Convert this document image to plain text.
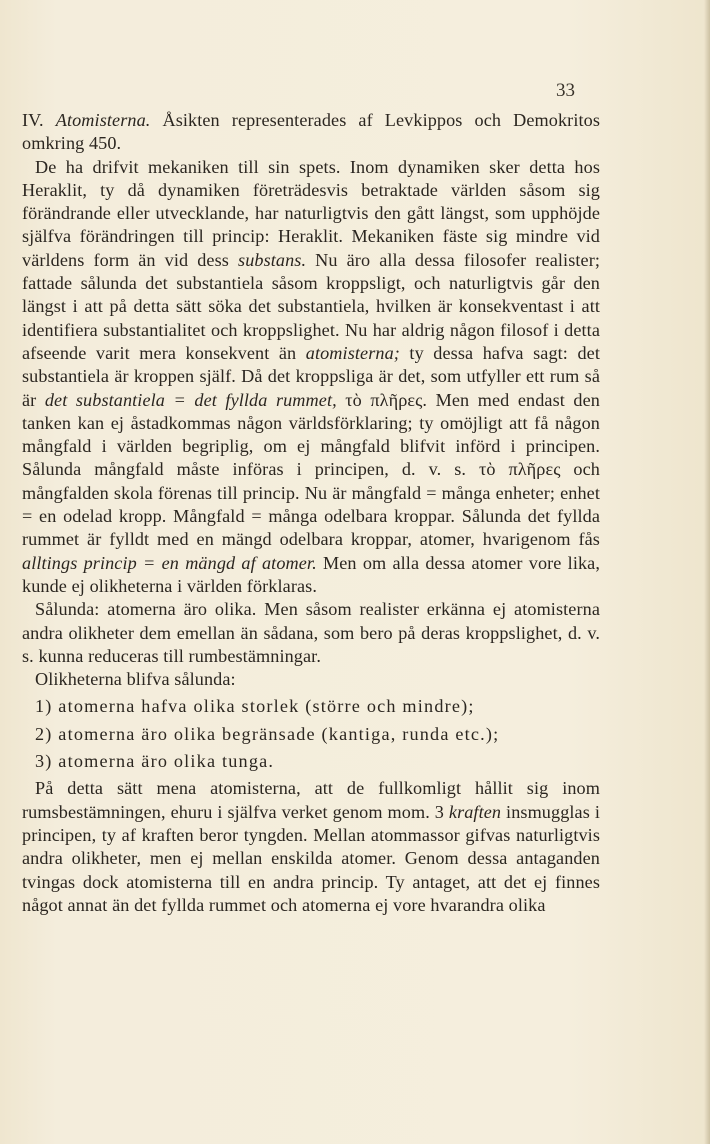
33

IV. Atomisterna. Åsikten representerades af Levkippos och Demokritos omkring 450.

De ha drifvit mekaniken till sin spets. Inom dynamiken sker detta hos Heraklit, ty då dynamiken företrädesvis betraktade världen såsom sig förändrande eller utvecklande, har naturligtvis den gått längst, som upphöjde själfva förändringen till princip: Heraklit. Mekaniken fäste sig mindre vid världens form än vid dess substans. Nu äro alla dessa filosofer realister; fattade sålunda det substantiela såsom kroppsligt, och naturligtvis går den längst i att på detta sätt söka det substantiela, hvilken är konsekventast i att identifiera substantialitet och kroppslighet. Nu har aldrig någon filosof i detta afseende varit mera konsekvent än atomisterna; ty dessa hafva sagt: det substantiela är kroppen själf. Då det kroppsliga är det, som utfyller ett rum så är det substantiela = det fyllda rummet, τὸ πλῆρες. Men med endast den tanken kan ej åstadkommas någon världsförklaring; ty omöjligt att få någon mångfald i världen begriplig, om ej mångfald blifvit införd i principen. Sålunda mångfald måste införas i principen, d. v. s. τὸ πλῆρες och mångfalden skola förenas till princip. Nu är mångfald = många enheter; enhet = en odelad kropp. Mångfald = många odelbara kroppar. Sålunda det fyllda rummet är fylldt med en mängd odelbara kroppar, atomer, hvarigenom fås alltings princip = en mängd af atomer. Men om alla dessa atomer vore lika, kunde ej olikheterna i världen förklaras.

Sålunda: atomerna äro olika. Men såsom realister erkänna ej atomisterna andra olikheter dem emellan än sådana, som bero på deras kroppslighet, d. v. s. kunna reduceras till rumbestämningar.

Olikheterna blifva sålunda:

1) atomerna hafva olika storlek (större och mindre);

2) atomerna äro olika begränsade (kantiga, runda etc.);

3) atomerna äro olika tunga.

På detta sätt mena atomisterna, att de fullkomligt hållit sig inom rumsbestämningen, ehuru i själfva verket genom mom. 3 kraften insmugglas i principen, ty af kraften beror tyngden. Mellan atommassor gifvas naturligtvis andra olikheter, men ej mellan enskilda atomer. Genom dessa antaganden tvingas dock atomisterna till en andra princip. Ty antaget, att det ej finnes något annat än det fyllda rummet och atomerna ej vore hvarandra olika
